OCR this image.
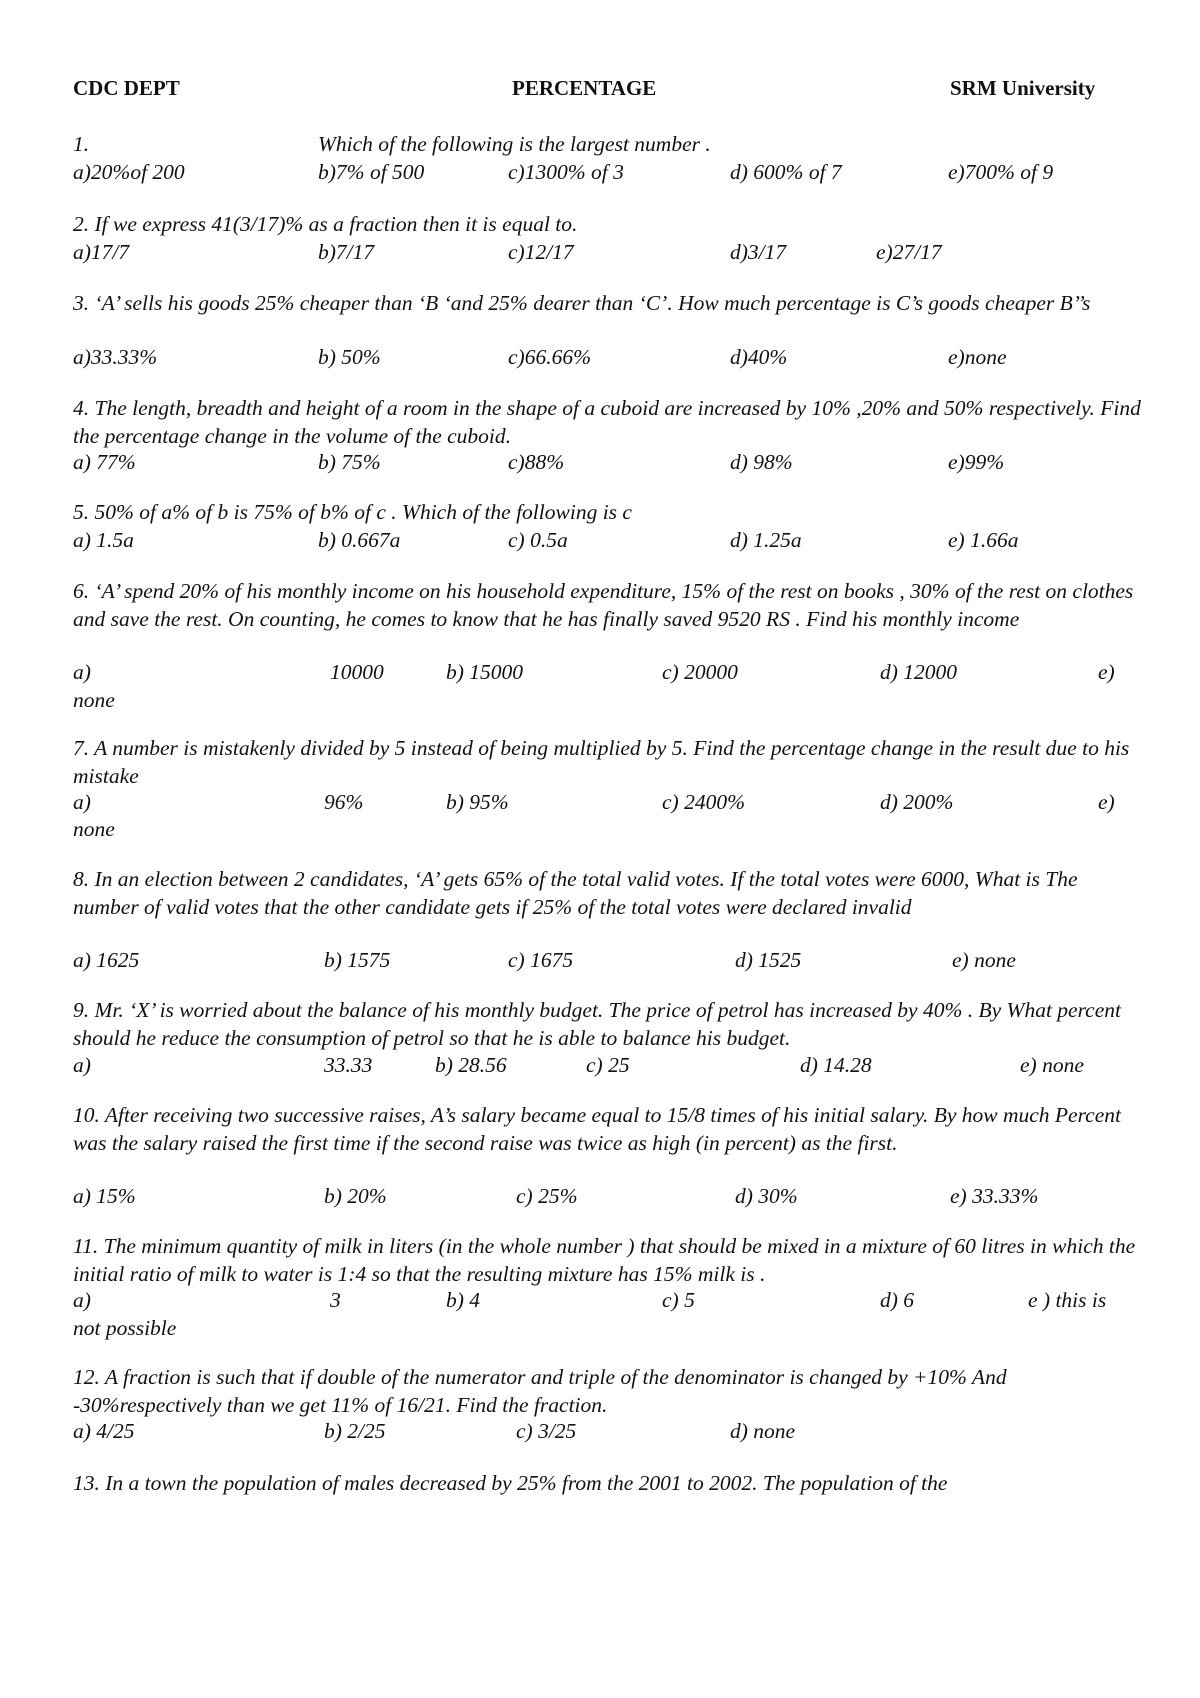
CDC DEPT	PERCENTAGE	SRM University
1.	Which of the following is the largest number .
a)20%of 200	b)7% of 500	c)1300% of 3	d) 600% of 7	e)700% of 9
2. If we express 41(3/17)% as a fraction then it is equal to.
a)17/7	b)7/17	c)12/17	d)3/17	e)27/17
3. ‘A’ sells his goods 25% cheaper than ‘B ‘and 25% dearer than ‘C’. How much percentage is C’s goods cheaper B’’s
a)33.33%	b) 50%	c)66.66%	d)40%	e)none
4. The length, breadth and height of a room in the shape of a cuboid are increased by 10% ,20% and 50% respectively. Find the percentage change in the volume of the cuboid.
a) 77%	b) 75%	c)88%	d) 98%	e)99%
5. 50% of a% of b is 75% of b% of c . Which of the following is c
a) 1.5a	b) 0.667a	c) 0.5a	d) 1.25a	e) 1.66a
6. ‘A’ spend 20% of his monthly income on his household expenditure, 15% of the rest on books , 30% of the rest on clothes and save the rest. On counting, he comes to know that he has finally saved 9520 RS . Find his monthly income
a)	10000	b) 15000	c) 20000	d) 12000	e)
none
7. A number is mistakenly divided by 5 instead of being multiplied by 5. Find the percentage change in the result due to his mistake
a)	96%	b) 95%	c) 2400%	d) 200%	e)
none
8. In an election between 2 candidates, ‘A’ gets 65% of the total valid votes. If the total votes were 6000, What is The number of valid votes that the other candidate gets if 25% of the total votes were declared invalid
a) 1625	b) 1575	c) 1675	d) 1525	e) none
9. Mr. ‘X’ is worried about the balance of his monthly budget. The price of petrol has increased by 40% . By What percent should he reduce the consumption of petrol so that he is able to balance his budget.
a)	33.33	b) 28.56	c) 25	d) 14.28	e) none
10. After receiving two successive raises, A’s salary became equal to 15/8 times of his initial salary. By how much Percent was the salary raised the first time if the second raise was twice as high (in percent) as the first.
a) 15%	b) 20%	c) 25%	d) 30%	e) 33.33%
11. The minimum quantity of milk in liters (in the whole number ) that should be mixed in a mixture of 60 litres in which the initial ratio of milk to water is 1:4 so that the resulting mixture has 15% milk is .
a)	3	b) 4	c) 5	d) 6	e ) this is
not possible
12. A fraction is such that if double of the numerator and triple of the denominator is changed by +10% And -30%respectively than we get 11% of 16/21. Find the fraction.
a) 4/25	b) 2/25	c) 3/25	d) none
13. In a town the population of males decreased by 25% from the 2001 to 2002. The population of the
